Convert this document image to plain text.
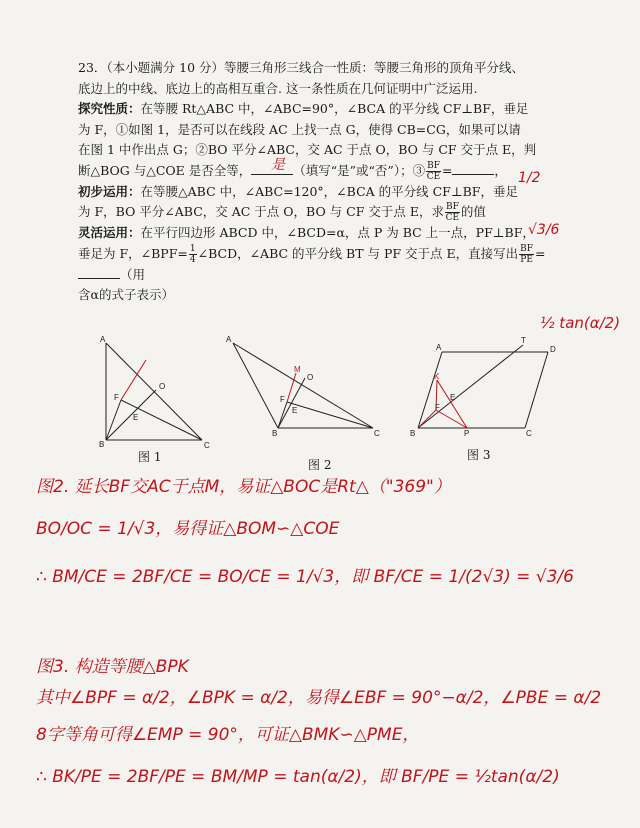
23．（本小题满分 10 分）等腰三角形三线合一性质：等腰三角形的顶角平分线、

底边上的中线、底边上的高相互重合. 这一条性质在几何证明中广泛运用.

探究性质：在等腰 Rt△ABC 中，∠ABC=90°，∠BCA 的平分线 CF⊥BF，垂足

为 F，①如图 1，是否可以在线段 AC 上找一点 G，使得 CB=CG，如果可以请

在图 1 中作出点 G；②BO 平分∠ABC，交 AC 于点 O，BO 与 CF 交于点 E，判

断△BOG 与△COE 是否全等，	（填写“是”或“否”）；③ $\frac{BF}{CE}$ =	，

初步运用：在等腰△ABC 中，∠ABC=120°，∠BCA 的平分线 CF⊥BF，垂足

为 F，BO 平分∠ABC，交 AC 于点 O，BO 与 CF 交于点 E，求 $\frac{BF}{CE}$ 的值

灵活运用：在平行四边形 ABCD 中，∠BCD=α，点 P 为 BC 上一点，PF⊥BF，

垂足为 F，∠BPF= $\frac{1}{4}$ ∠BCD，∠ABC 的平分线 BT 与 PF 交于点 E，直接写出 $\frac{BF}{PE}$ =（用

含α的式子表示）

是
1/2
√3/6
½ tan(α/2)
A
B	C
O
F
E
A
B	C
O
F
E
M
A
B	C
D
T
F
P
K
E
图 1
图 2
图 3
图2. 延长BF交AC于点M，易证△BOC是Rt△（"369"）
BO/OC = 1/√3，易得证△BOM∽△COE
∴ BM/CE = 2BF/CE = BO/CE = 1/√3，即 BF/CE = 1/(2√3) = √3/6
图3. 构造等腰△BPK
其中∠BPF = α/2，∠BPK = α/2，易得∠EBF = 90°−α/2，∠PBE = α/2
8字等角可得∠EMP = 90°，可证△BMK∽△PME，
∴ BK/PE = 2BF/PE = BM/MP = tan(α/2)，即 BF/PE = ½tan(α/2)
